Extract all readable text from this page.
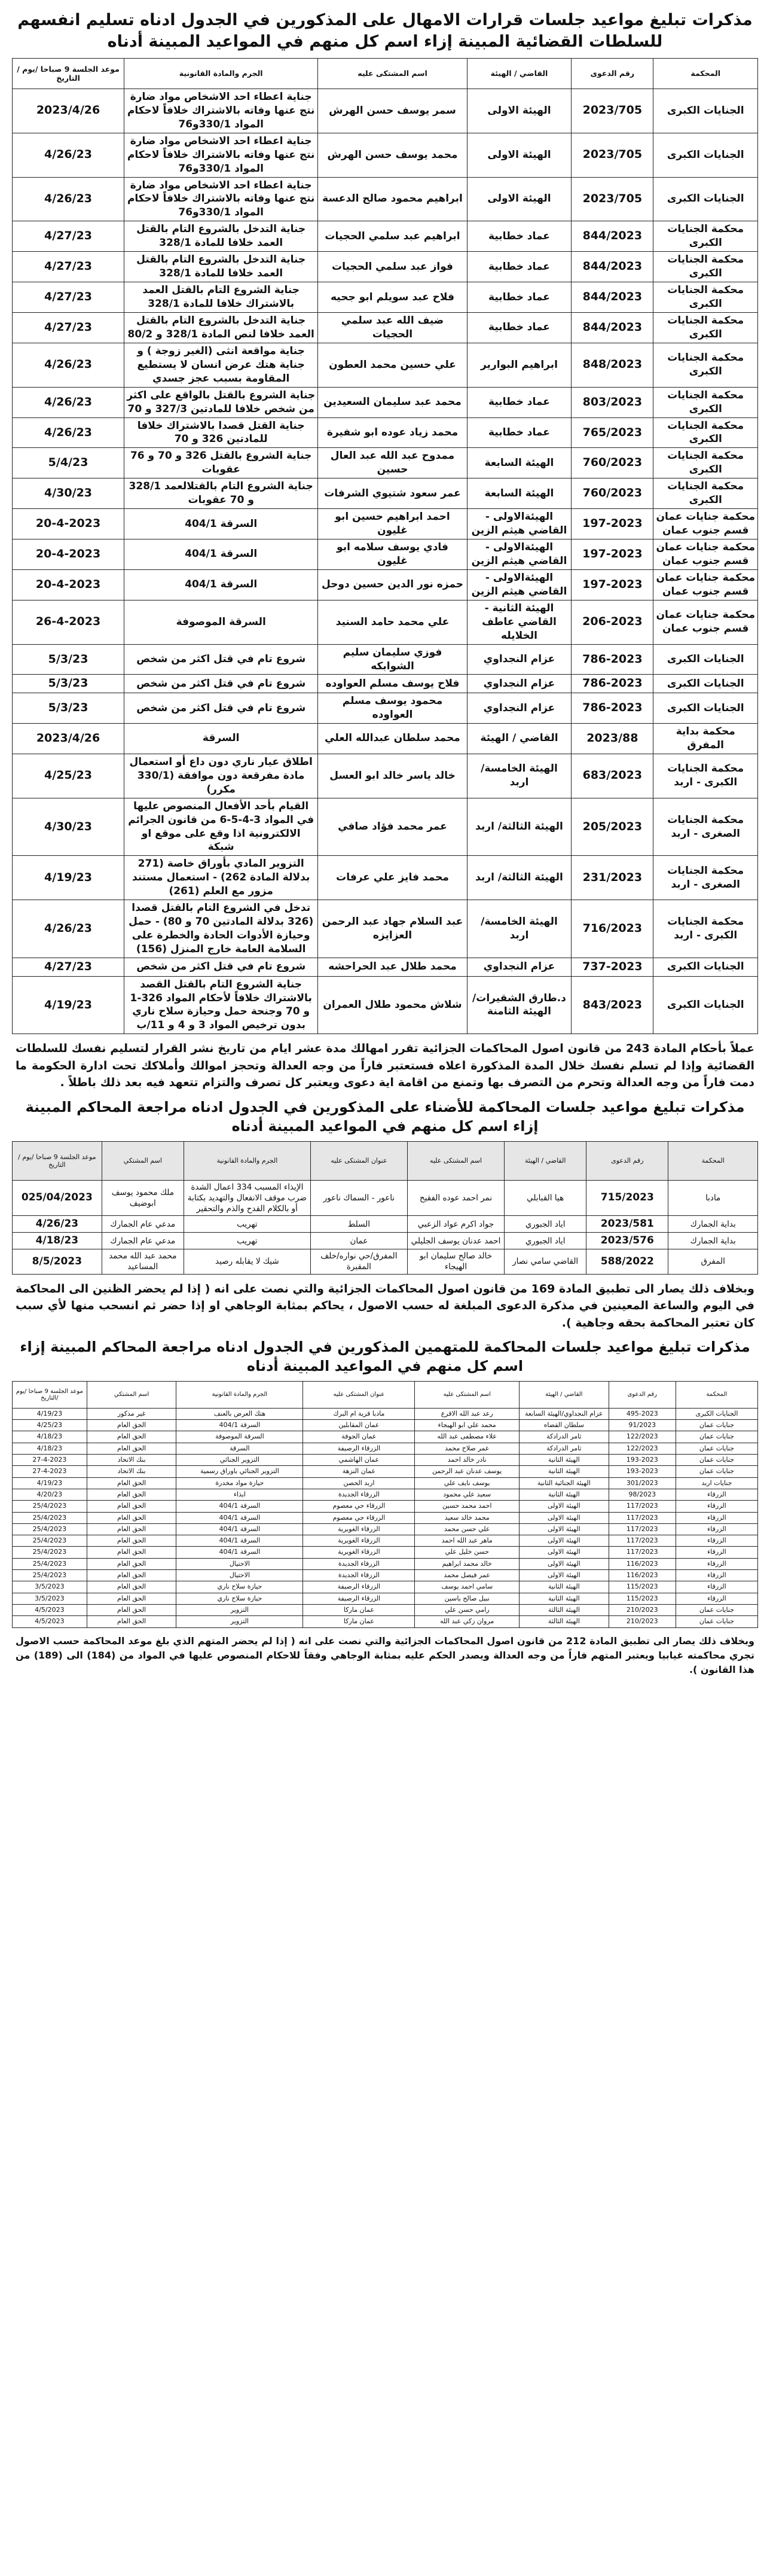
مذكرات تبليغ مواعيد جلسات قرارات الامهال على المذكورين في الجدول ادناه تسليم انفسهم للسلطات القضائية المبينة إزاء اسم كل منهم في المواعيد المبينة أدناه
المحكمة	رقم الدعوى	القاضي / الهيئة	اسم المشتكى عليه	الجرم والمادة القانونية	موعد الجلسة 9 صباحا /يوم /التاريخ
الجنايات الكبرى	2023/705	الهيئة الاولى	سمر يوسف حسن الهرش	جناية اعطاء احد الاشخاص مواد ضارة نتج عنها وفاته بالاشتراك خلافاً لاحكام المواد 330/1و76	2023/4/26
الجنايات الكبرى	2023/705	الهيئة الاولى	محمد يوسف حسن الهرش	جناية اعطاء احد الاشخاص مواد ضارة نتج عنها وفاته بالاشتراك خلافاً لاحكام المواد 330/1و76	4/26/23
الجنايات الكبرى	2023/705	الهيئة الاولى	ابراهيم محمود صالح الدعسة	جناية اعطاء احد الاشخاص مواد ضارة نتج عنها وفاته بالاشتراك خلافاً لاحكام المواد 330/1و76	4/26/23
محكمة الجنايات الكبرى	844/2023	عماد خطابية	ابراهيم عبد سلمي الحجيات	جناية التدخل بالشروع التام بالقتل العمد خلافا للمادة 328/1	4/27/23
محكمة الجنايات الكبرى	844/2023	عماد خطابية	فواز عبد سلمي الحجيات	جناية التدخل بالشروع التام بالقتل العمد خلافا للمادة 328/1	4/27/23
محكمة الجنايات الكبرى	844/2023	عماد خطابية	فلاح عبد سويلم ابو جحيه	جناية الشروع التام بالقتل العمد بالاشتراك خلافا للمادة 328/1	4/27/23
محكمة الجنايات الكبرى	844/2023	عماد خطابية	ضيف الله عبد سلمي الحجيات	جناية التدخل بالشروع التام بالقتل العمد خلافا لنص المادة 328/1 و 80/2	4/27/23
محكمة الجنايات الكبرى	848/2023	ابراهيم البوارير	علي حسين محمد العطون	جناية مواقعة انثى (الغير زوجة ) و جناية هتك عرض انسان لا يستطيع المقاومة بسبب عجز جسدي	4/26/23
محكمة الجنايات الكبرى	803/2023	عماد خطابية	محمد عبد سليمان السعيدين	جناية الشروع بالقتل بالواقع على اكثر من شخص خلافا للمادتين 327/3 و 70	4/26/23
محكمة الجنايات الكبرى	765/2023	عماد خطابية	محمد زياد عوده ابو شفيرة	جناية القتل قصدا بالاشتراك خلافا للمادتين 326 و 70	4/26/23
محكمة الجنايات الكبرى	760/2023	الهيئة السابعة	ممدوح عبد الله عبد العال حسين	جناية الشروع بالقتل 326 و 70 و 76 عقوبات	5/4/23
محكمة الجنايات الكبرى	760/2023	الهيئة السابعة	عمر سعود شتيوي الشرفات	جناية الشروع التام بالقتلالعمد 328/1 و 70 عقوبات	4/30/23
محكمة جنايات عمان قسم جنوب عمان	197-2023	الهيئةالاولى - القاضي هيثم الزين	احمد ابراهيم حسين ابو غليون	السرقة 404/1	20-4-2023
محكمة جنايات عمان قسم جنوب عمان	197-2023	الهيئةالاولى - القاضي هيثم الزين	فادي يوسف سلامه ابو غليون	السرقة 404/1	20-4-2023
محكمة جنايات عمان قسم جنوب عمان	197-2023	الهيئةالاولى - القاضي هيثم الزين	حمزه نور الدين حسين دوحل	السرقة 404/1	20-4-2023
محكمة جنايات عمان قسم جنوب عمان	206-2023	الهيئة الثانية - القاضي عاطف الخلايله	علي محمد حامد السنيد	السرقة الموصوفة	26-4-2023
الجنايات الكبرى	786-2023	عزام النجداوي	فوزي سليمان سليم الشوابكه	شروع تام في قتل اكثر من شخص	5/3/23
الجنايات الكبرى	786-2023	عزام النجداوي	فلاح يوسف مسلم العواوده	شروع تام في قتل اكثر من شخص	5/3/23
الجنايات الكبرى	786-2023	عزام النجداوي	محمود يوسف مسلم العواوده	شروع تام في قتل اكثر من شخص	5/3/23
محكمة بداية المفرق	2023/88	القاضي / الهيئة	محمد سلطان عبدالله العلي	السرقة	2023/4/26
محكمة الجنايات الكبرى - اربد	683/2023	الهيئة الخامسة/ اربد	خالد ياسر خالد ابو العسل	اطلاق عيار ناري دون داع أو استعمال مادة مفرقعة دون موافقة (330/1 مكرر)	4/25/23
محكمة الجنايات الصغرى - اربد	205/2023	الهيئة الثالثة/ اربد	عمر محمد فؤاد صافي	القيام بأحد الأفعال المنصوص عليها في المواد 3-4-5-6 من قانون الجرائم الالكترونية اذا وقع على موقع او شبكة	4/30/23
محكمة الجنايات الصغرى - اربد	231/2023	الهيئة الثالثة/ اربد	محمد فايز علي عرفات	التزوير المادي بأوراق خاصة (271 بدلالة المادة 262) - استعمال مستند مزور مع العلم (261)	4/19/23
محكمة الجنايات الكبرى - اربد	716/2023	الهيئة الخامسة/ اربد	عبد السلام جهاد عبد الرحمن العزايزه	تدخل في الشروع التام بالقتل قصدا (326 بدلالة المادتين 70 و 80) - حمل وحيازة الأدوات الحادة والخطرة على السلامة العامة خارج المنزل (156)	4/26/23
الجنايات الكبرى	737-2023	عزام النجداوي	محمد طلال عبد الحراحشه	شروع تام في قتل اكثر من شخص	4/27/23
الجنايات الكبرى	843/2023	د.طارق الشقيرات/الهيئة الثامنة	شلاش محمود طلال العمران	جناية الشروع التام بالقتل القصد بالاشتراك خلافاً لأحكام المواد 326-1 و 70 وجنحة حمل وحيازة سلاح ناري بدون ترخيص المواد 3 و 4 و 11/ب	4/19/23

عملاً بأحكام المادة 243 من قانون اصول المحاكمات الجزائية تقرر امهالك مدة عشر ايام من تاريخ نشر القرار لتسليم نفسك للسلطات القضائية وإذا لم تسلم نفسك خلال المدة المذكورة اعلاه فستعتبر فاراً من وجه العدالة وتحجز اموالك وأملاكك تحت ادارة الحكومة ما دمت فاراً من وجه العدالة وتحرم من التصرف بها وتمنع من اقامة اية دعوى ويعتبر كل تصرف والتزام تتعهد فيه بعد ذلك باطلاً .

مذكرات تبليغ مواعيد جلسات المحاكمة للأضناء على المذكورين في الجدول ادناه مراجعة المحاكم المبينة إزاء اسم كل منهم في المواعيد المبينة أدناه
المحكمة	رقم الدعوى	القاضي / الهيئة	اسم المشتكى عليه	عنوان المشتكى عليه	الجرم والمادة القانونية	اسم المشتكي	موعد الجلسة 9 صباحا /يوم /التاريخ
مادبا	715/2023	هيا القبابلي	نمر احمد عوده الفقيح	ناعور - السماك ناعور	الإيذاء المسبب 334 اعمال الشدة ضرب موقف الانفعال والتهديد بكتابة أو بالكلام القدح والذم والتحقير	ملك محمود يوسف ابوضيف	025/04/2023
بداية الجمارك	2023/581	اياد الجبوري	جواد اكرم عواد الزعبي	السلط	تهريب	مدعي عام الجمارك	4/26/23
بداية الجمارك	2023/576	اياد الجبوري	احمد عدنان يوسف الجليلي	عمان	تهريب	مدعي عام الجمارك	4/18/23
المفرق	588/2022	القاضي سامي نصار	خالد صالح سليمان ابو الهيجاء	المفرق/حي نواره/خلف المقبرة	شيك لا يقابله رصيد	محمد عبد الله محمد المساعيد	8/5/2023

وبخلاف ذلك يصار الى تطبيق المادة 169 من قانون اصول المحاكمات الجزائية والتي نصت على انه ( إذا لم يحضر الظنين الى المحاكمة في اليوم والساعة المعينين في مذكرة الدعوى المبلغة له حسب الاصول ، يحاكم بمثابة الوجاهي او إذا حضر ثم انسحب منها لأي سبب كان تعتبر المحاكمة بحقه وجاهية ).

مذكرات تبليغ مواعيد جلسات المحاكمة للمتهمين المذكورين في الجدول ادناه مراجعة المحاكم المبينة إزاء اسم كل منهم في المواعيد المبينة أدناه
المحكمة	رقم الدعوى	القاضي / الهيئة	اسم المشتكى عليه	عنوان المشتكى عليه	الجرم والمادة القانونية	اسم المشتكي	موعد الجلسة 9 صباحا /يوم /التاريخ
الجنايات الكبرى	495-2023	عزام النجداوي/الهيئة السابعة	رعد عبد الله الاقرع	مادبا قرية ام البرك	هتك العرض بالعنف	غير مذكور	4/19/23
جنايات عمان	91/2023	سلطان القضاه	محمد علي ابو الهيجاء	عمان المقابلين	السرقة 404/1	الحق العام	4/25/23
جنايات عمان	122/2023	ثامر الدرادكة	علاء مصطفى عبد الله	عمان الجوفة	السرقة الموصوفة	الحق العام	4/18/23
جنايات عمان	122/2023	ثامر الدرادكة	عمر صلاح محمد	الزرقاء الرصيفة	السرقة	الحق العام	4/18/23
جنايات عمان	193-2023	الهيئة الثانية	نادر خالد احمد	عمان الهاشمي	التزوير الجنائي	بنك الاتحاد	27-4-2023
جنايات عمان	193-2023	الهيئة الثانية	يوسف عدنان عبد الرحمن	عمان النزهة	التزوير الجنائي باوراق رسمية	بنك الاتحاد	27-4-2023
جنايات اربد	301/2023	الهيئة الجنائية الثانية	يوسف نايف علي	اربد الحصن	حيازة مواد مخدرة	الحق العام	4/19/23
الزرقاء	98/2023	الهيئة الثانية	سعيد علي محمود	الزرقاء الجديدة	ايذاء	الحق العام	4/20/23
الزرقاء	117/2023	الهيئة الاولى	احمد محمد حسين	الزرقاء حي معصوم	السرقة 404/1	الحق العام	25/4/2023
الزرقاء	117/2023	الهيئة الاولى	محمد خالد سعيد	الزرقاء حي معصوم	السرقة 404/1	الحق العام	25/4/2023
الزرقاء	117/2023	الهيئة الاولى	علي حسن محمد	الزرقاء الغويرية	السرقة 404/1	الحق العام	25/4/2023
الزرقاء	117/2023	الهيئة الاولى	ماهر عبد الله احمد	الزرقاء الغويرية	السرقة 404/1	الحق العام	25/4/2023
الزرقاء	117/2023	الهيئة الاولى	حسن خليل علي	الزرقاء الغويرية	السرقة 404/1	الحق العام	25/4/2023
الزرقاء	116/2023	الهيئة الاولى	خالد محمد ابراهيم	الزرقاء الجديدة	الاحتيال	الحق العام	25/4/2023
الزرقاء	116/2023	الهيئة الاولى	عمر فيصل محمد	الزرقاء الجديدة	الاحتيال	الحق العام	25/4/2023
الزرقاء	115/2023	الهيئة الثانية	سامي احمد يوسف	الزرقاء الرصيفة	حيازة سلاح ناري	الحق العام	3/5/2023
الزرقاء	115/2023	الهيئة الثانية	نبيل صالح ياسين	الزرقاء الرصيفة	حيازة سلاح ناري	الحق العام	3/5/2023
جنايات عمان	210/2023	الهيئة الثالثة	رامي حسن علي	عمان ماركا	التزوير	الحق العام	4/5/2023
جنايات عمان	210/2023	الهيئة الثالثة	مروان زكي عبد الله	عمان ماركا	التزوير	الحق العام	4/5/2023

وبخلاف ذلك يصار الى تطبيق المادة 212 من قانون اصول المحاكمات الجزائية والتي نصت على انه ( إذا لم يحضر المتهم الذي بلغ موعد المحاكمة حسب الاصول تجري محاكمته غيابيا ويعتبر المتهم فاراً من وجه العدالة ويصدر الحكم عليه بمثابة الوجاهي وفقاً للاحكام المنصوص عليها في المواد من (184) الى (189) من هذا القانون ).
